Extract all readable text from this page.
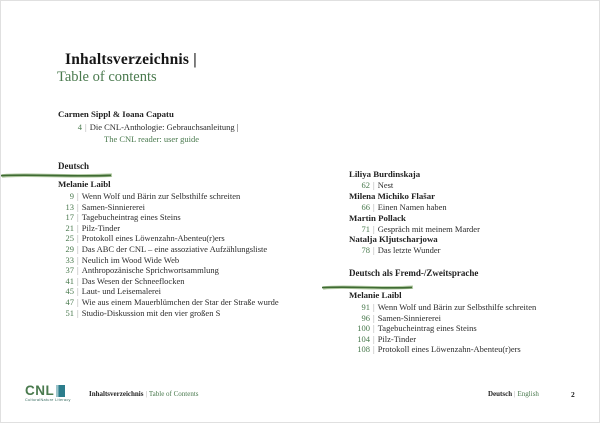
Inhaltsverzeichnis |
Table of contents
Carmen Sippl & Ioana Capatu
4 | Die CNL-Anthologie: Gebrauchsanleitung |
The CNL reader: user guide
Deutsch
Melanie Laibl
9 | Wenn Wolf und Bärin zur Selbsthilfe schreiten
13 | Samen-Sinniererei
17 | Tagebucheintrag eines Steins
21 | Pilz-Tinder
25 | Protokoll eines Löwenzahn-Abenteu(r)ers
29 | Das ABC der CNL – eine assoziative Aufzählungsliste
33 | Neulich im Wood Wide Web
37 | Anthropozänische Sprichwortsammlung
41 | Das Wesen der Schneeflocken
45 | Laut- und Leisemalerei
47 | Wie aus einem Mauerblümchen der Star der Straße wurde
51 | Studio-Diskussion mit den vier großen S
Liliya Burdinskaja
62 | Nest
Milena Michiko Flašar
66 | Einen Namen haben
Martin Pollack
71 | Gespräch mit meinem Marder
Natalja Kljutscharjowa
78 | Das letzte Wunder
Deutsch als Fremd-/Zweitsprache
Melanie Laibl
91 | Wenn Wolf und Bärin zur Selbsthilfe schreiten
96 | Samen-Sinniererei
100 | Tagebucheintrag eines Steins
104 | Pilz-Tinder
108 | Protokoll eines Löwenzahn-Abenteu(r)ers
CNL
CulturalNature Literacy
Inhaltsverzeichnis | Table of Contents	Deutsch | English	2
